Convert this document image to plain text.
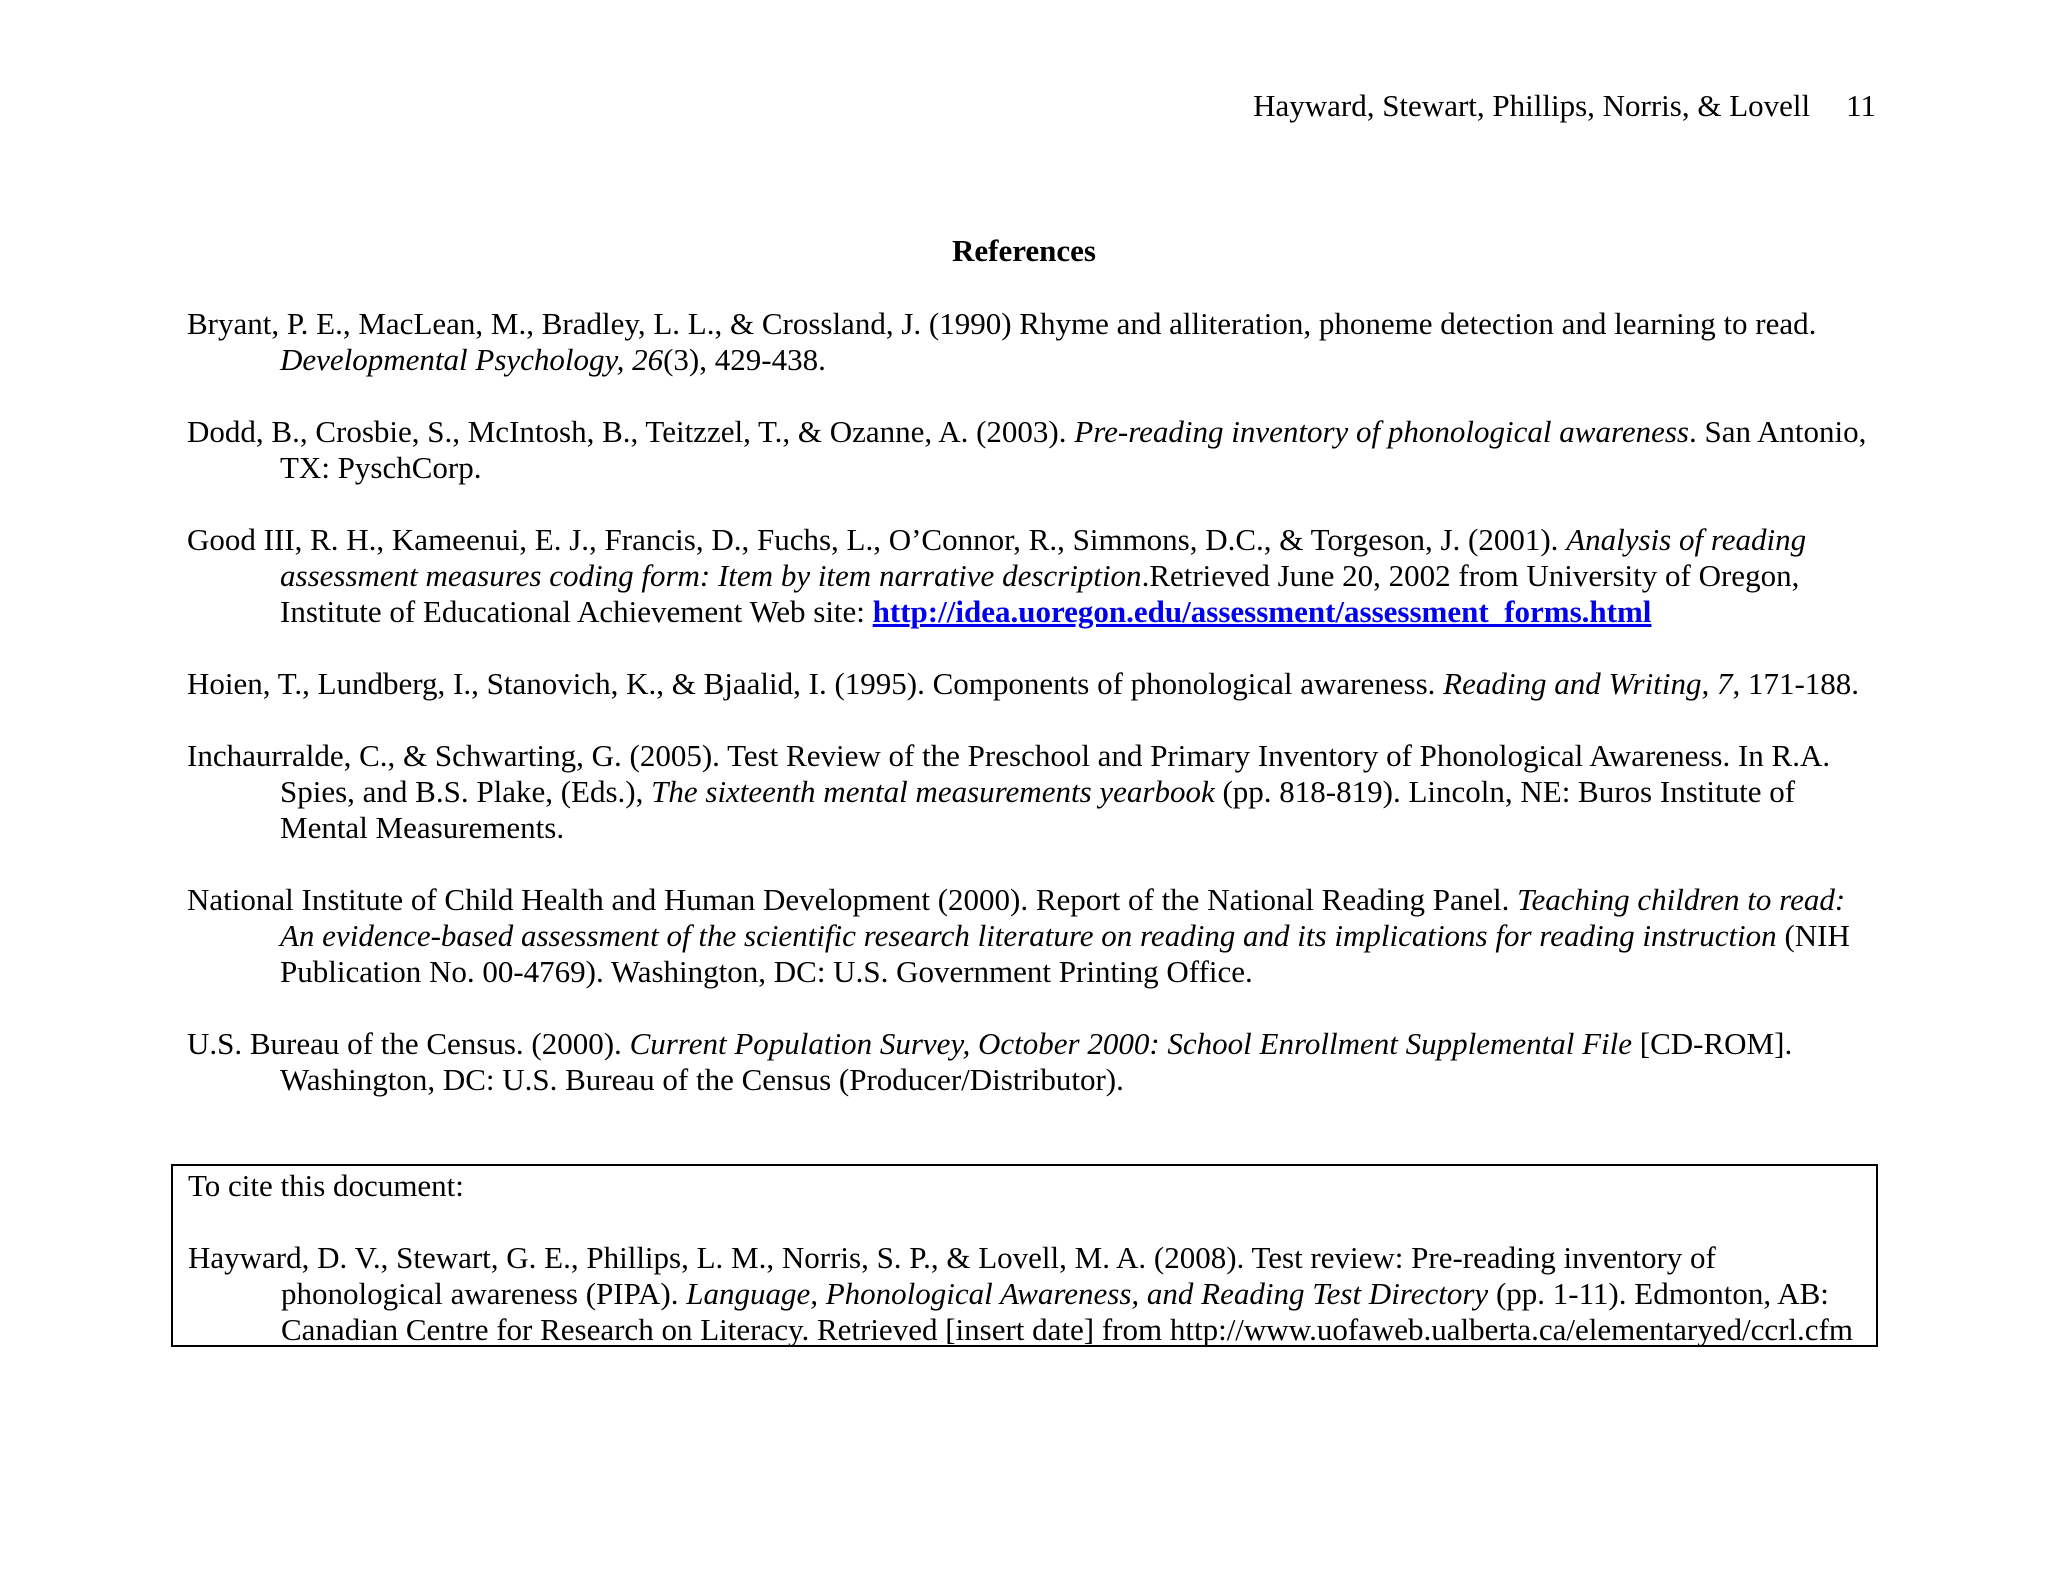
Hayward, Stewart, Phillips, Norris, & Lovell 11
References

Bryant, P. E., MacLean, M., Bradley, L. L., & Crossland, J. (1990) Rhyme and alliteration, phoneme detection and learning to read. Developmental Psychology, 26(3), 429-438.

Dodd, B., Crosbie, S., McIntosh, B., Teitzzel, T., & Ozanne, A. (2003). Pre-reading inventory of phonological awareness. San Antonio, TX: PyschCorp.

Good III, R. H., Kameenui, E. J., Francis, D., Fuchs, L., O’Connor, R., Simmons, D.C., & Torgeson, J. (2001). Analysis of reading assessment measures coding form: Item by item narrative description.Retrieved June 20, 2002 from University of Oregon, Institute of Educational Achievement Web site: http://idea.uoregon.edu/assessment/assessment_forms.html

Hoien, T., Lundberg, I., Stanovich, K., & Bjaalid, I. (1995). Components of phonological awareness. Reading and Writing, 7, 171-188.

Inchaurralde, C., & Schwarting, G. (2005). Test Review of the Preschool and Primary Inventory of Phonological Awareness. In R.A. Spies, and B.S. Plake, (Eds.), The sixteenth mental measurements yearbook (pp. 818-819). Lincoln, NE: Buros Institute of Mental Measurements.

National Institute of Child Health and Human Development (2000). Report of the National Reading Panel. Teaching children to read: An evidence-based assessment of the scientific research literature on reading and its implications for reading instruction (NIH Publication No. 00-4769). Washington, DC: U.S. Government Printing Office.

U.S. Bureau of the Census. (2000). Current Population Survey, October 2000: School Enrollment Supplemental File [CD-ROM]. Washington, DC: U.S. Bureau of the Census (Producer/Distributor).

To cite this document:

Hayward, D. V., Stewart, G. E., Phillips, L. M., Norris, S. P., & Lovell, M. A. (2008). Test review: Pre-reading inventory of phonological awareness (PIPA). Language, Phonological Awareness, and Reading Test Directory (pp. 1-11). Edmonton, AB: Canadian Centre for Research on Literacy. Retrieved [insert date] from http://www.uofaweb.ualberta.ca/elementaryed/ccrl.cfm
